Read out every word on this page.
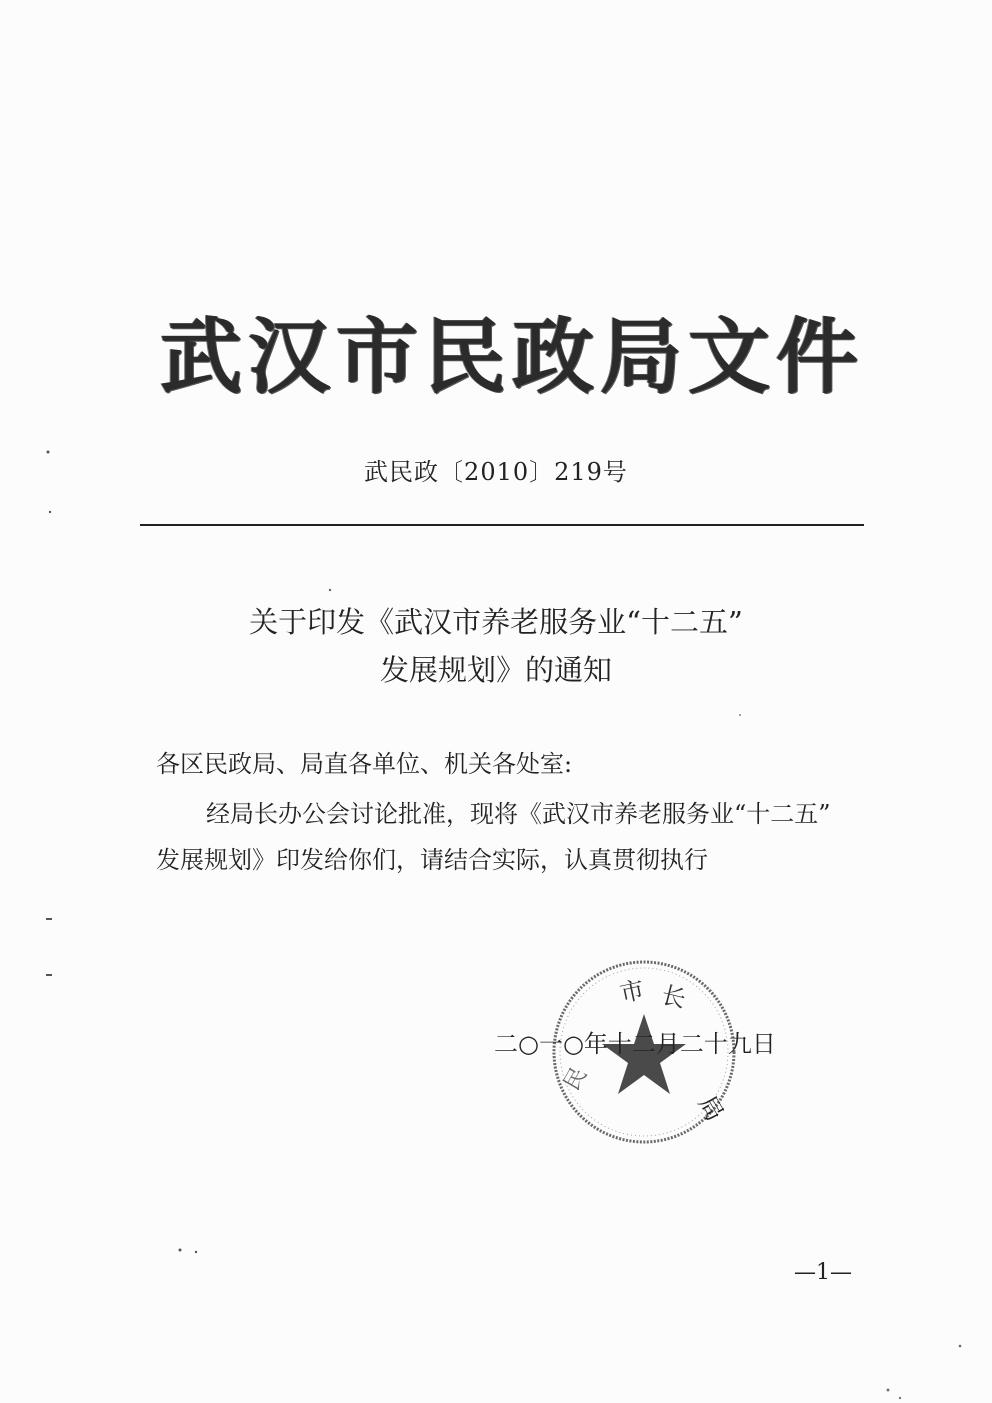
武汉市民政局文件
武民政〔2010〕219号
关于印发《武汉市养老服务业“十二五”
发展规划》的通知
各区民政局、局直各单位、机关各处室:
经局长办公会讨论批准，现将《武汉市养老服务业“十二五”
发展规划》印发给你们，请结合实际，认真贯彻执行
市 长
民
局
二○一○年十二月二十九日
—1—
